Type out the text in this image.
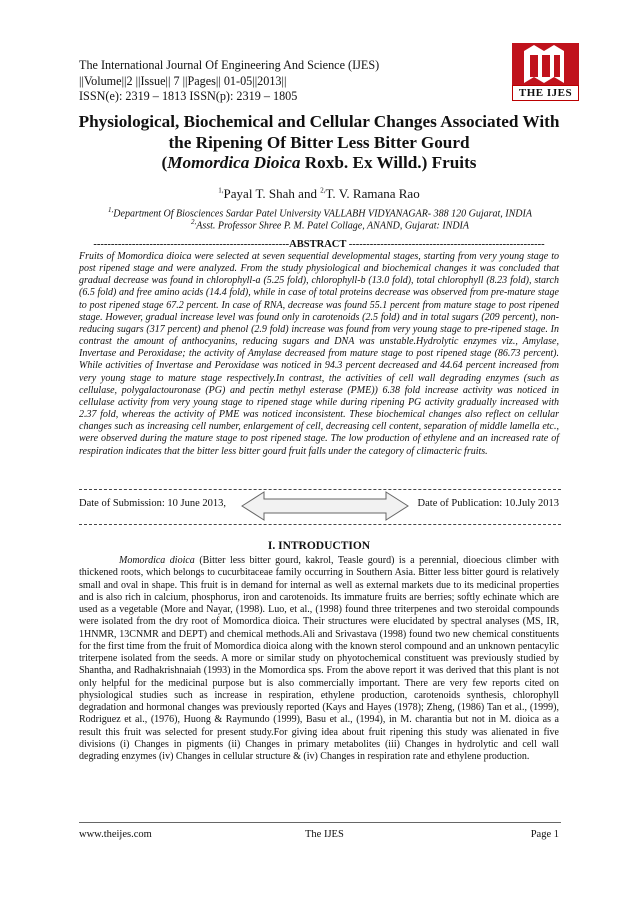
The International Journal Of Engineering And Science (IJES)
||Volume||2 ||Issue|| 7 ||Pages|| 01-05||2013||
ISSN(e): 2319 – 1813 ISSN(p): 2319 – 1805	THE IJES
Physiological, Biochemical and Cellular Changes Associated With
the Ripening Of Bitter Less Bitter Gourd
(Momordica Dioica Roxb. Ex Willd.) Fruits
$^{1,}$Payal T. Shah and $^{2,}$T. V. Ramana Rao
$^{1,}$Department Of Biosciences Sardar Patel University VALLABH VIDYANAGAR- 388 120 Gujarat, INDIA
$^{2,}$Asst. Professor Shree P. M. Patel Collage, ANAND, Gujarat: INDIA
--------------------------------------------------------ABSTRACT --------------------------------------------------------
Fruits of Momordica dioica were selected at seven sequential developmental stages, starting from very young stage to post ripened stage and were analyzed. From the study physiological and biochemical changes it was concluded that gradual decrease was found in chlorophyll-a (5.25 fold), chlorophyll-b (13.0 fold), total chlorophyll (8.23 fold), starch (6.5 fold) and free amino acids (14.4 fold), while in case of total proteins decrease was observed from pre-mature stage to post ripened stage 67.2 percent. In case of RNA, decrease was found 55.1 percent from mature stage to post ripened stage. However, gradual increase level was found only in carotenoids (2.5 fold) and in total sugars (209 percent), non-reducing sugars (317 percent) and phenol (2.9 fold) increase was found from very young stage to pre-ripened stage. In contrast the amount of anthocyanins, reducing sugars and DNA was unstable.Hydrolytic enzymes viz., Amylase, Invertase and Peroxidase; the activity of Amylase decreased from mature stage to post ripened stage (86.73 percent). While activities of Invertase and Peroxidase was noticed in 94.3 percent decreased and 44.64 percent increased from very young stage to mature stage respectively.In contrast, the activities of cell wall degrading enzymes (such as cellulase, polygalactouronase (PG) and pectin methyl esterase (PME)) 6.38 fold increase activity was noticed in cellulase activity from very young stage to ripened stage while during ripening PG activity gradually increased with 2.37 fold, whereas the activity of PME was noticed inconsistent. These biochemical changes also reflect on cellular changes such as increasing cell number, enlargement of cell, decreasing cell content, separation of middle lamella etc., were observed during the mature stage to post ripened stage. The low production of ethylene and an increased rate of respiration indicates that the bitter less bitter gourd fruit falls under the category of climacteric fruits.
Date of Submission: 10 June 2013,	Date of Publication: 10.July 2013
I. INTRODUCTION
Momordica dioica (Bitter less bitter gourd, kakrol, Teasle gourd) is a perennial, dioecious climber with thickened roots, which belongs to cucurbitaceae family occurring in Southern Asia. Bitter less bitter gourd is relatively small and oval in shape. This fruit is in demand for internal as well as external markets due to its medicinal properties and is also rich in calcium, phosphorus, iron and carotenoids. Its immature fruits are berries; softly echinate which are used as a vegetable (More and Nayar, (1998). Luo, et al., (1998) found three triterpenes and two steroidal compounds were isolated from the dry root of Momordica dioica. Their structures were elucidated by spectral analyses (MS, IR, 1HNMR, 13CNMR and DEPT) and chemical methods.Ali and Srivastava (1998) found two new chemical constituents for the first time from the fruit of Momordica dioica along with the known sterol compound and an unknown pentacylic triterpene isolated from the seeds. A more or similar study on phyotochemical constituent was previously studied by Shantha, and Radhakrishnaiah (1993) in the Momordica sps. From the above report it was derived that this plant is not only helpful for the medicinal purpose but is also commercially important. There are very few reports cited on physiological studies such as increase in respiration, ethylene production, carotenoids synthesis, chlorophyll degradation and hormonal changes was previously reported (Kays and Hayes (1978); Zheng, (1986) Tan et al., (1999), Rodriguez et al., (1976), Huong & Raymundo (1999), Basu et al., (1994), in M. charantia but not in M. dioica as a result this fruit was selected for present study.For giving idea about fruit ripening this study was alienated in five divisions (i) Changes in pigments (ii) Changes in primary metabolites (iii) Changes in hydrolytic and cell wall degrading enzymes (iv) Changes in cellular structure & (iv) Changes in respiration rate and ethylene production.
www.theijes.com	The IJES	Page 1
